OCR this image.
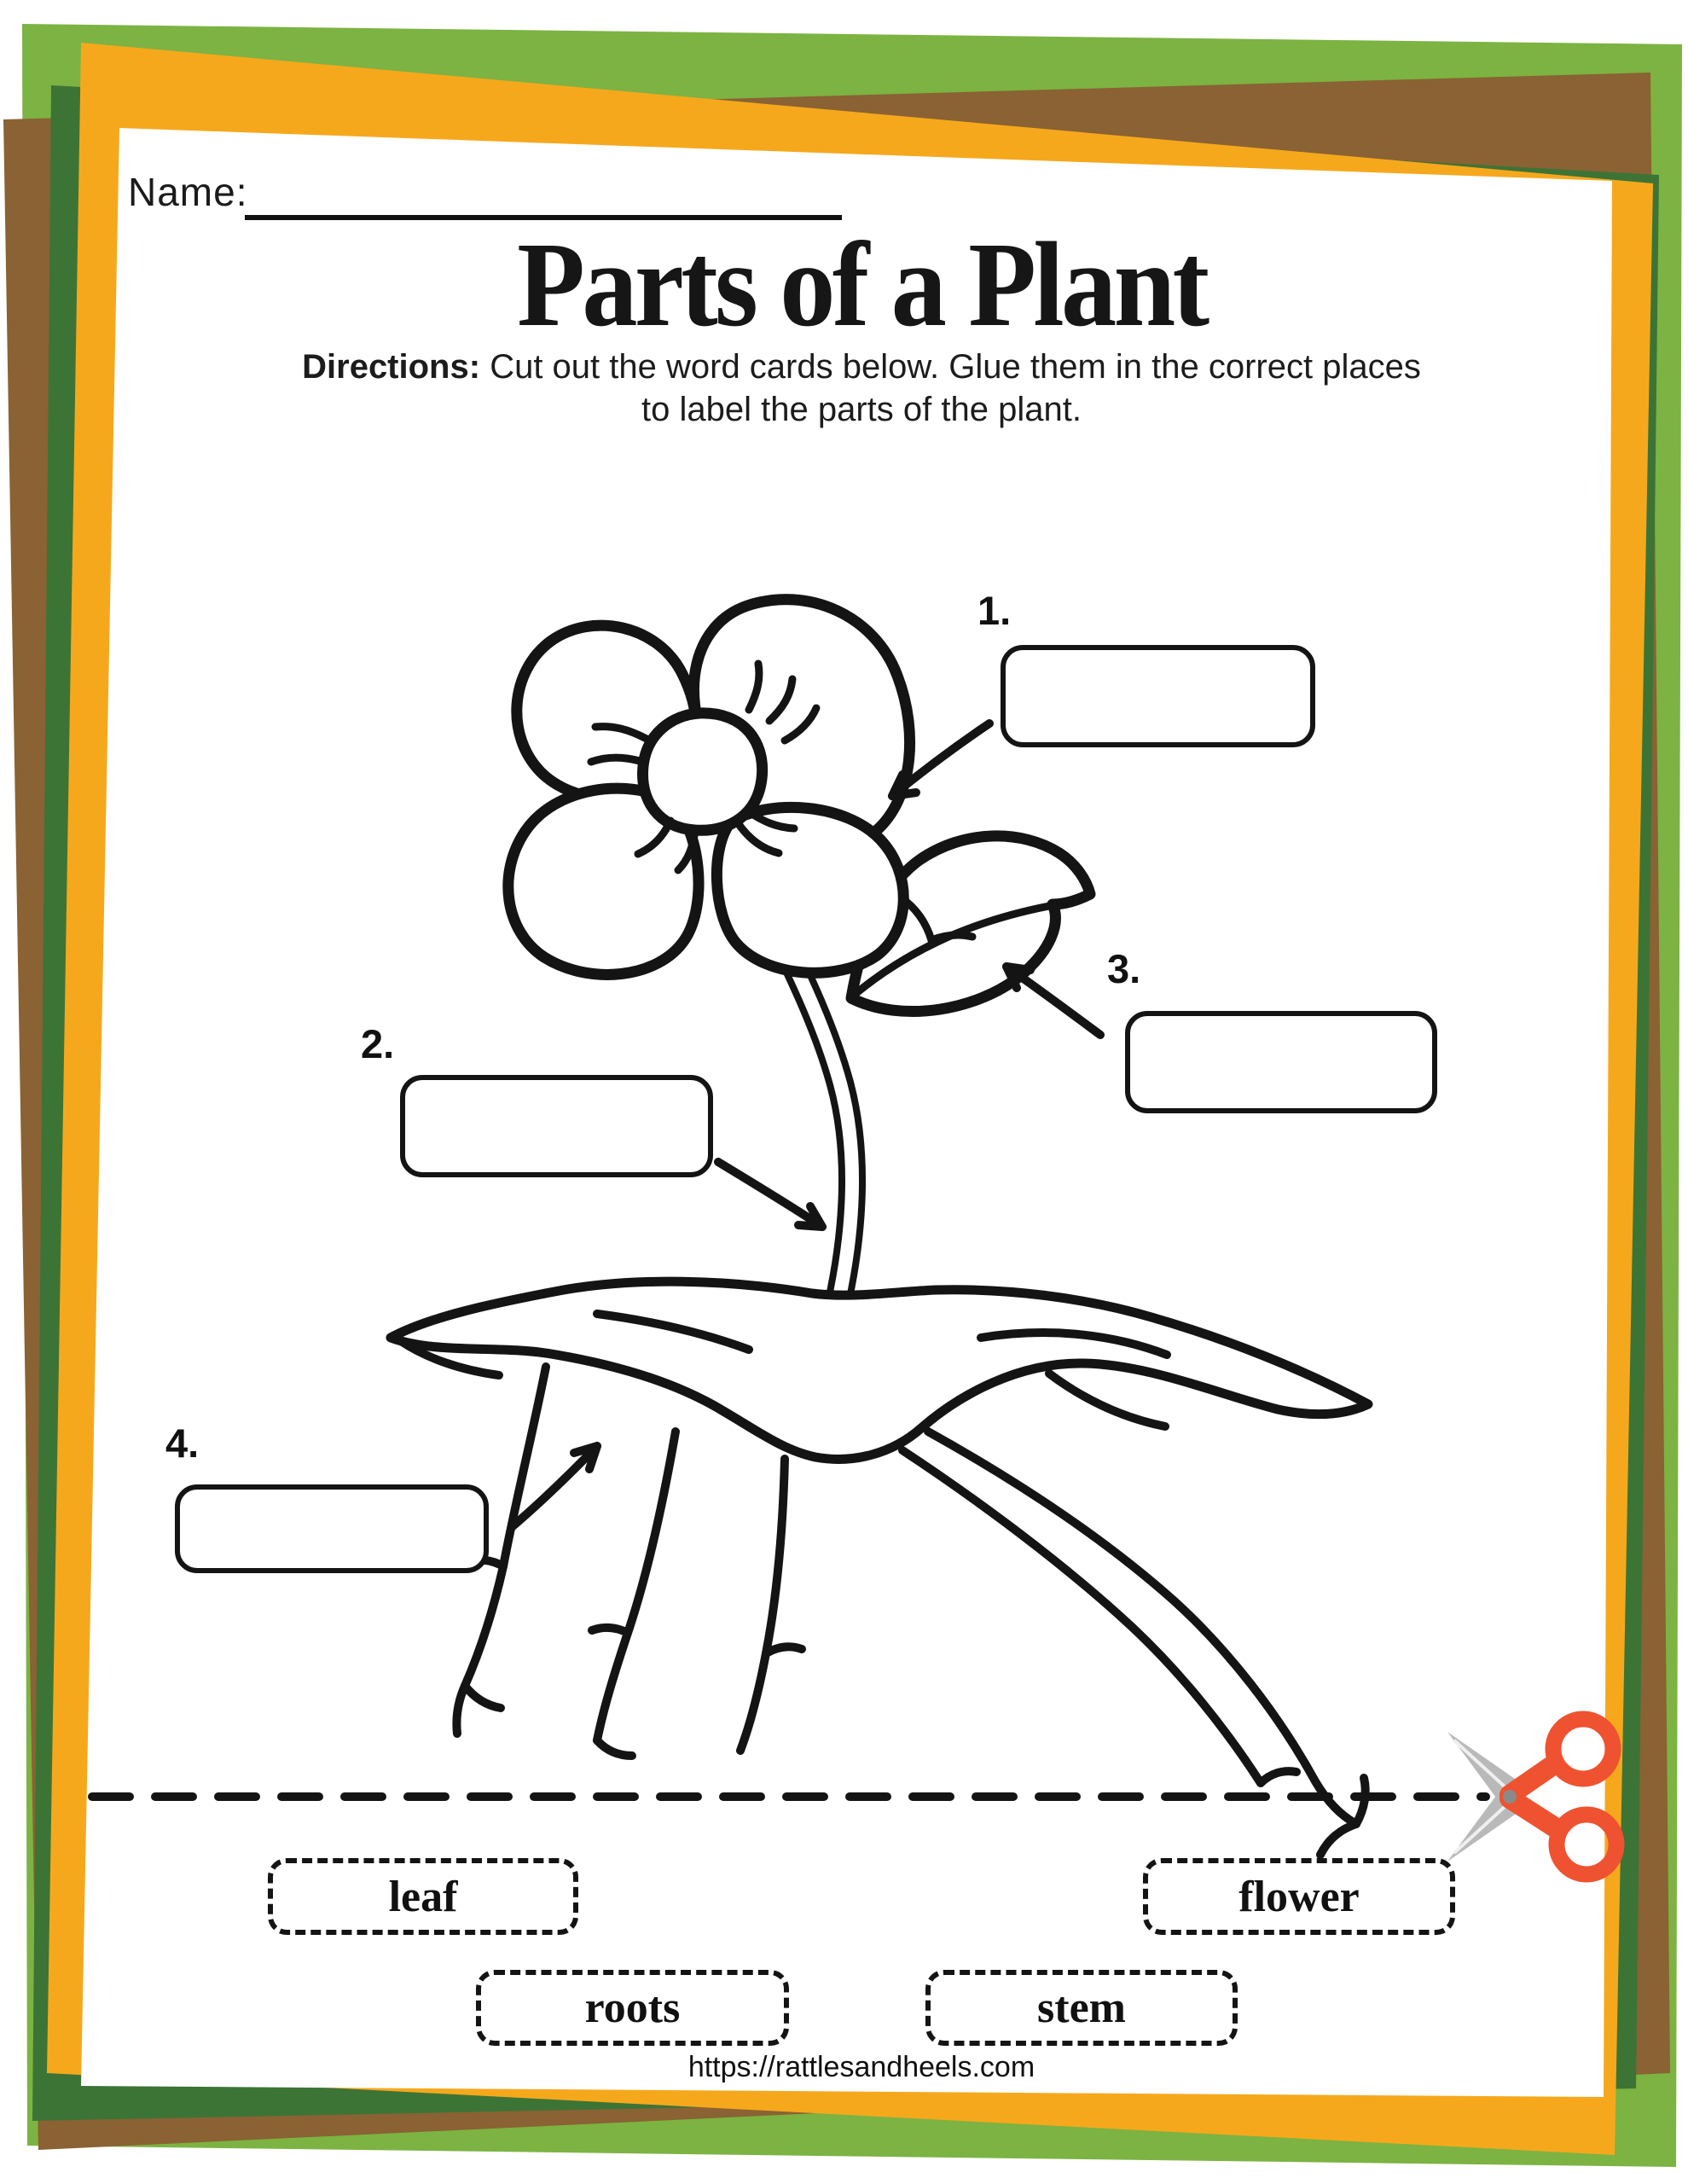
Name:
Parts of a Plant
Directions: Cut out the word cards below. Glue them in the correct places
to label the parts of the plant.
1.
2.
3.
4.
leaf	flower
roots	stem
https://rattlesandheels.com
